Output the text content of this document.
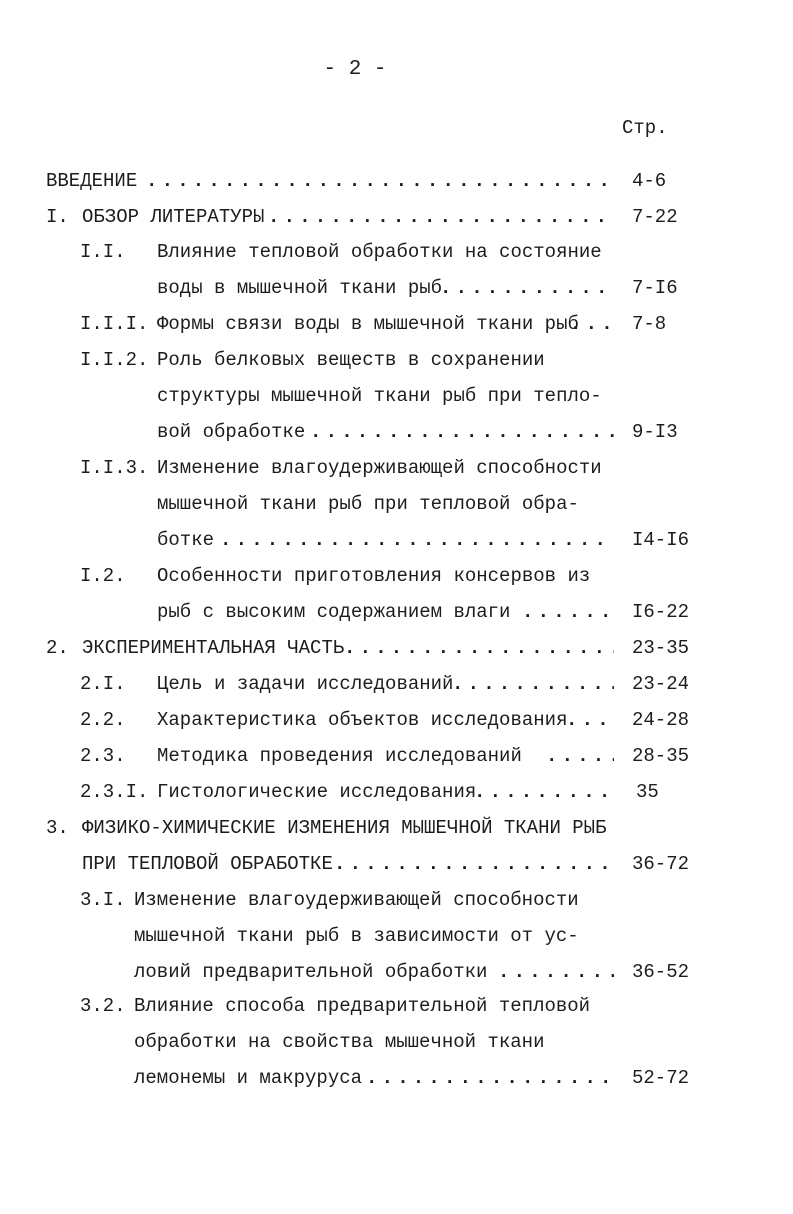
- 2 -
Стр.
ВВЕДЕНИЕ . . .	4-6
I. ОБЗОР ЛИТЕРАТУРЫ . . .	7-22
I.I. Влияние тепловой обработки на состояние
воды в мышечной ткани рыб . . .	7-I6
I.I.I. Формы связи воды в мышечной ткани рыб . . .	7-8
I.I.2. Роль белковых веществ в сохранении
структуры мышечной ткани рыб при тепло-
вой обработке . . .	9-I3
I.I.3. Изменение влагоудерживающей способности
мышечной ткани рыб при тепловой обра-
ботке . . .	I4-I6
I.2. Особенности приготовления консервов из
рыб с высоким содержанием влаги . . .	I6-22
2. ЭКСПЕРИМЕНТАЛЬНАЯ ЧАСТЬ . . .	23-35
2.I. Цель и задачи исследований . . .	23-24
2.2. Характеристика объектов исследования . . .	24-28
2.3. Методика проведения исследований . . .	28-35
2.3.I. Гистологические исследования . . .	35
3. ФИЗИКО-ХИМИЧЕСКИЕ ИЗМЕНЕНИЯ МЫШЕЧНОЙ ТКАНИ РЫБ
ПРИ ТЕПЛОВОЙ ОБРАБОТКЕ . . .	36-72
3.I. Изменение влагоудерживающей способности
мышечной ткани рыб в зависимости от ус-
ловий предварительной обработки . . .	36-52
3.2. Влияние способа предварительной тепловой
обработки на свойства мышечной ткани
лемонемы и макруруса . . .	52-72
